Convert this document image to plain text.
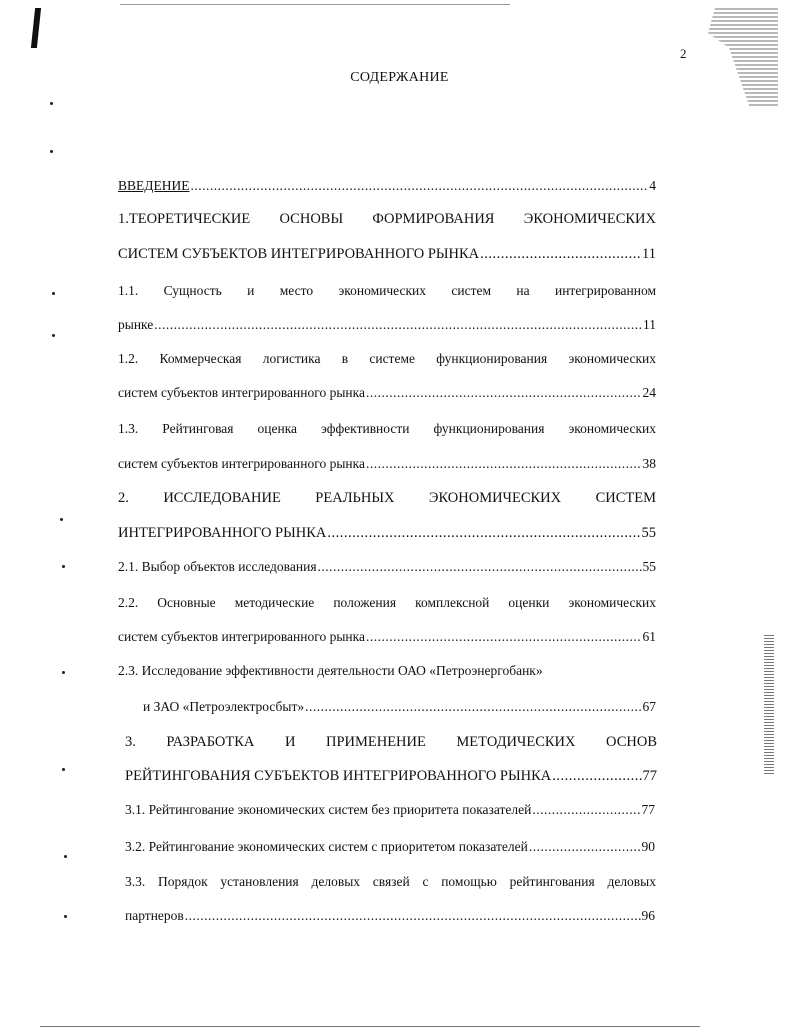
2
СОДЕРЖАНИЕ
ВВЕДЕНИЕ .....	4
1.ТЕОРЕТИЧЕСКИЕ ОСНОВЫ ФОРМИРОВАНИЯ ЭКОНОМИЧЕСКИХ
СИСТЕМ СУБЪЕКТОВ ИНТЕГРИРОВАННОГО РЫНКА .....	11
1.1. Сущность и место экономических систем на интегрированном
рынке .....	11
1.2. Коммерческая логистика в системе функционирования экономических
систем субъектов интегрированного рынка .....	24
1.3. Рейтинговая оценка эффективности функционирования экономических
систем субъектов интегрированного рынка .....	38
2. ИССЛЕДОВАНИЕ РЕАЛЬНЫХ ЭКОНОМИЧЕСКИХ СИСТЕМ
ИНТЕГРИРОВАННОГО РЫНКА .....	55
2.1. Выбор объектов исследования .....	55
2.2. Основные методические положения комплексной оценки экономических
систем субъектов интегрированного рынка .....	61
2.3. Исследование эффективности деятельности ОАО «Петроэнергобанк»
и ЗАО «Петроэлектросбыт» .....	67
3. РАЗРАБОТКА И ПРИМЕНЕНИЕ МЕТОДИЧЕСКИХ ОСНОВ
РЕЙТИНГОВАНИЯ СУБЪЕКТОВ ИНТЕГРИРОВАННОГО РЫНКА .....	77
3.1. Рейтингование экономических систем без приоритета показателей .....	77
3.2. Рейтингование экономических систем с приоритетом показателей .....	90
3.3. Порядок установления деловых связей с помощью рейтингования деловых
партнеров .....	96
